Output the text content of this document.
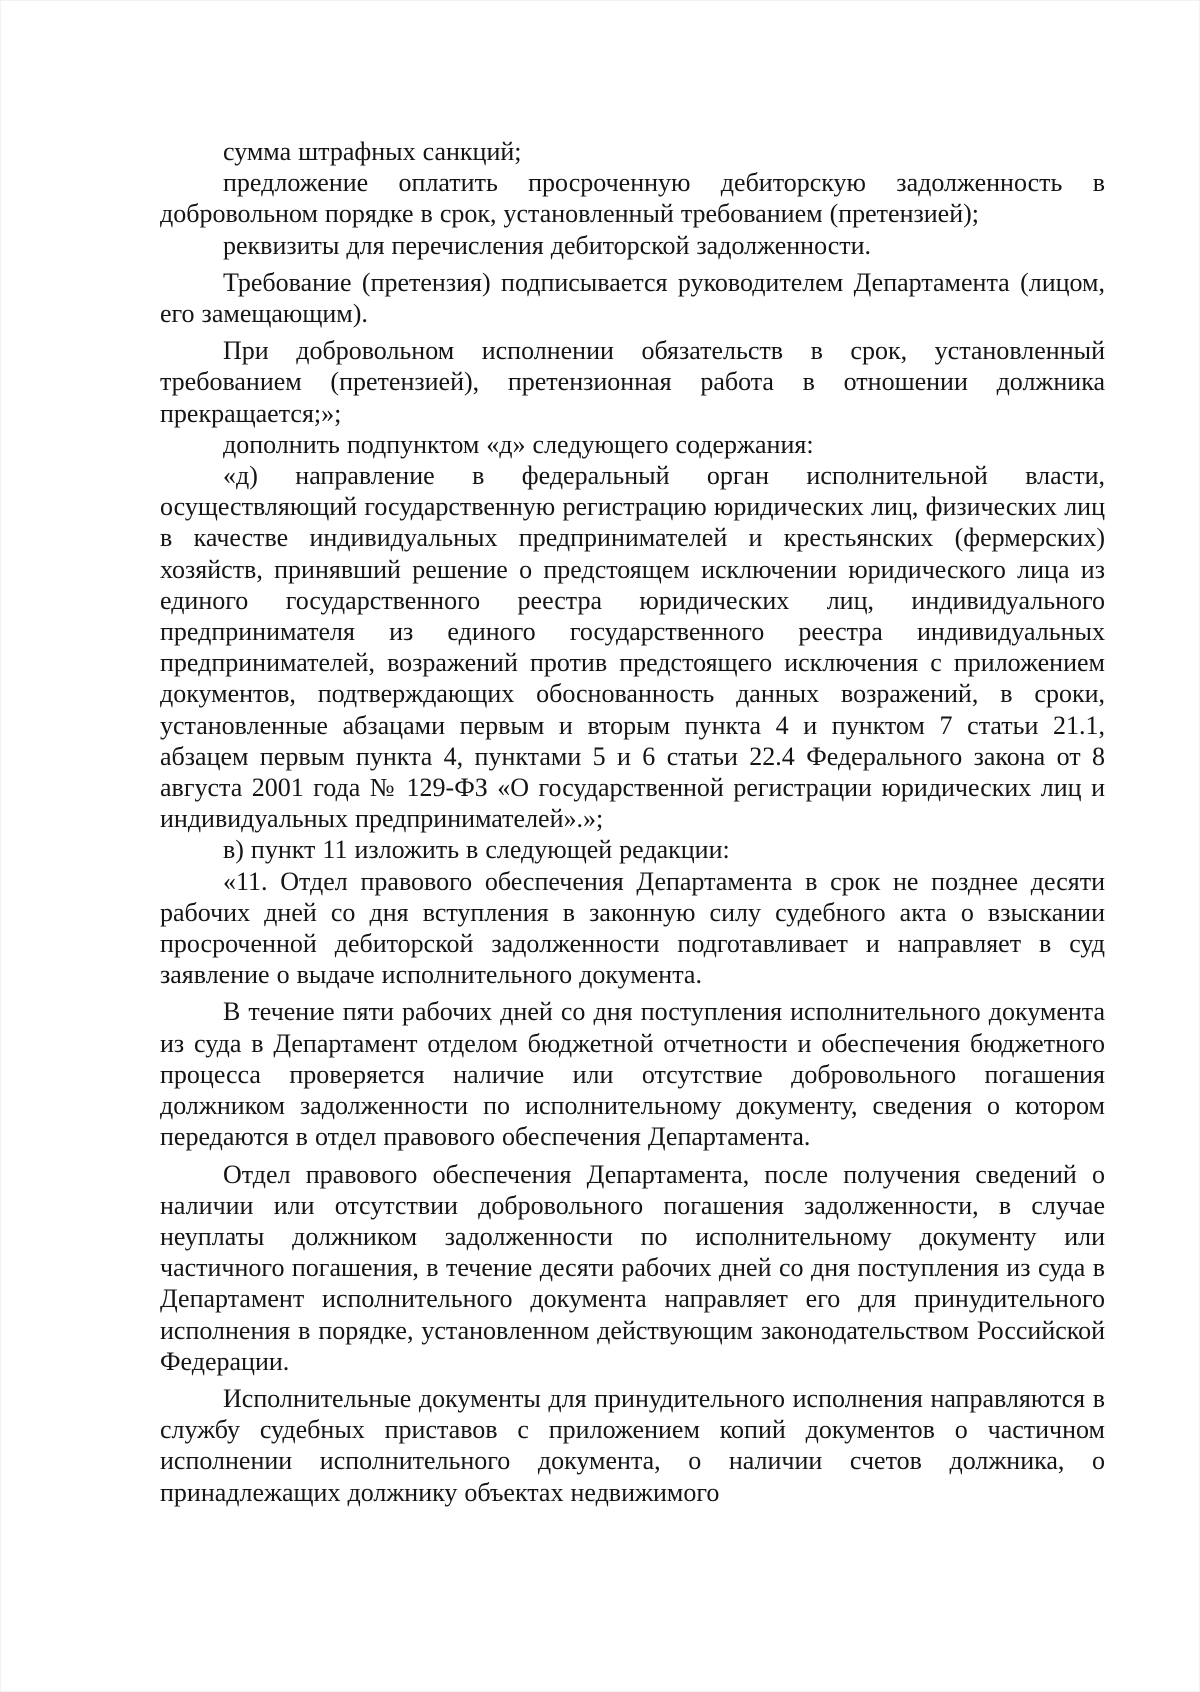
сумма штрафных санкций;

предложение оплатить просроченную дебиторскую задолженность в добровольном порядке в срок, установленный требованием (претензией);

реквизиты для перечисления дебиторской задолженности.

Требование (претензия) подписывается руководителем Департамента (лицом, его замещающим).

При добровольном исполнении обязательств в срок, установленный требованием (претензией), претензионная работа в отношении должника прекращается;»;

дополнить подпунктом «д» следующего содержания:

«д) направление в федеральный орган исполнительной власти, осуществляющий государственную регистрацию юридических лиц, физических лиц в качестве индивидуальных предпринимателей и крестьянских (фермерских) хозяйств, принявший решение о предстоящем исключении юридического лица из единого государственного реестра юридических лиц, индивидуального предпринимателя из единого государственного реестра индивидуальных предпринимателей, возражений против предстоящего исключения с приложением документов, подтверждающих обоснованность данных возражений, в сроки, установленные абзацами первым и вторым пункта 4 и пунктом 7 статьи 21.1, абзацем первым пункта 4, пунктами 5 и 6 статьи 22.4 Федерального закона от 8 августа 2001 года № 129-ФЗ «О государственной регистрации юридических лиц и индивидуальных предпринимателей».»;

в) пункт 11 изложить в следующей редакции:

«11. Отдел правового обеспечения Департамента в срок не позднее десяти рабочих дней со дня вступления в законную силу судебного акта о взыскании просроченной дебиторской задолженности подготавливает и направляет в суд заявление о выдаче исполнительного документа.

В течение пяти рабочих дней со дня поступления исполнительного документа из суда в Департамент отделом бюджетной отчетности и обеспечения бюджетного процесса проверяется наличие или отсутствие добровольного погашения должником задолженности по исполнительному документу, сведения о котором передаются в отдел правового обеспечения Департамента.

Отдел правового обеспечения Департамента, после получения сведений о наличии или отсутствии добровольного погашения задолженности, в случае неуплаты должником задолженности по исполнительному документу или частичного погашения, в течение десяти рабочих дней со дня поступления из суда в Департамент исполнительного документа направляет его для принудительного исполнения в порядке, установленном действующим законодательством Российской Федерации.

Исполнительные документы для принудительного исполнения направляются в службу судебных приставов с приложением копий документов о частичном исполнении исполнительного документа, о наличии счетов должника, о принадлежащих должнику объектах недвижимого
